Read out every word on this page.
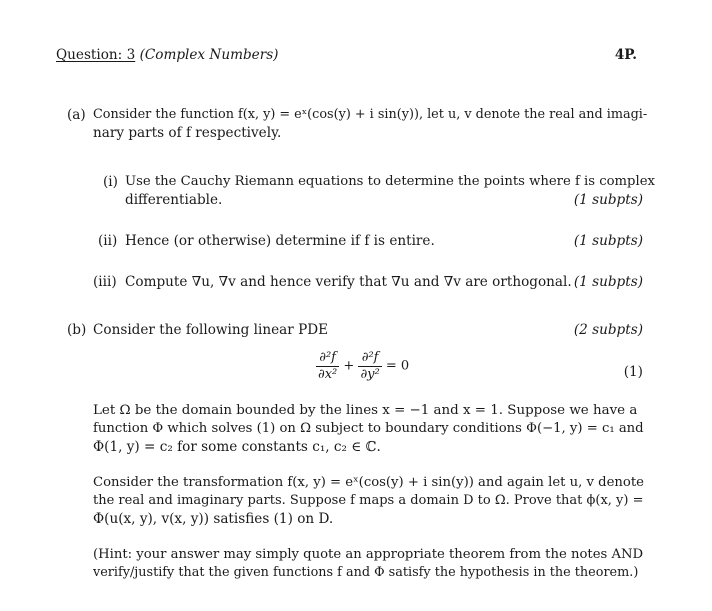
Question: 3 (Complex Numbers)	4P.
(a) Consider the function f(x, y) = eˣ(cos(y) + i sin(y)), let u, v denote the real and imagi-
nary parts of f respectively.
(i) Use the Cauchy Riemann equations to determine the points where f is complex
differentiable.	(1 subpts)
(ii) Hence (or otherwise) determine if f is entire.	(1 subpts)
(iii) Compute ∇u, ∇v and hence verify that ∇u and ∇v are orthogonal. (1 subpts)
(b) Consider the following linear PDE	(2 subpts)
$\frac{\text{∂²f}}{\text{∂x²}} + \frac{\text{∂²f}}{\text{∂y²}} = 0$	(1)
Let Ω be the domain bounded by the lines x = −1 and x = 1. Suppose we have a
function Φ which solves (1) on Ω subject to boundary conditions Φ(−1, y) = c₁ and
Φ(1, y) = c₂ for some constants c₁, c₂ ∈ ℂ.
Consider the transformation f(x, y) = eˣ(cos(y) + i sin(y)) and again let u, v denote
the real and imaginary parts. Suppose f maps a domain D to Ω. Prove that ϕ(x, y) =
Φ(u(x, y), v(x, y)) satisfies (1) on D.
(Hint: your answer may simply quote an appropriate theorem from the notes AND
verify/justify that the given functions f and Φ satisfy the hypothesis in the theorem.)
